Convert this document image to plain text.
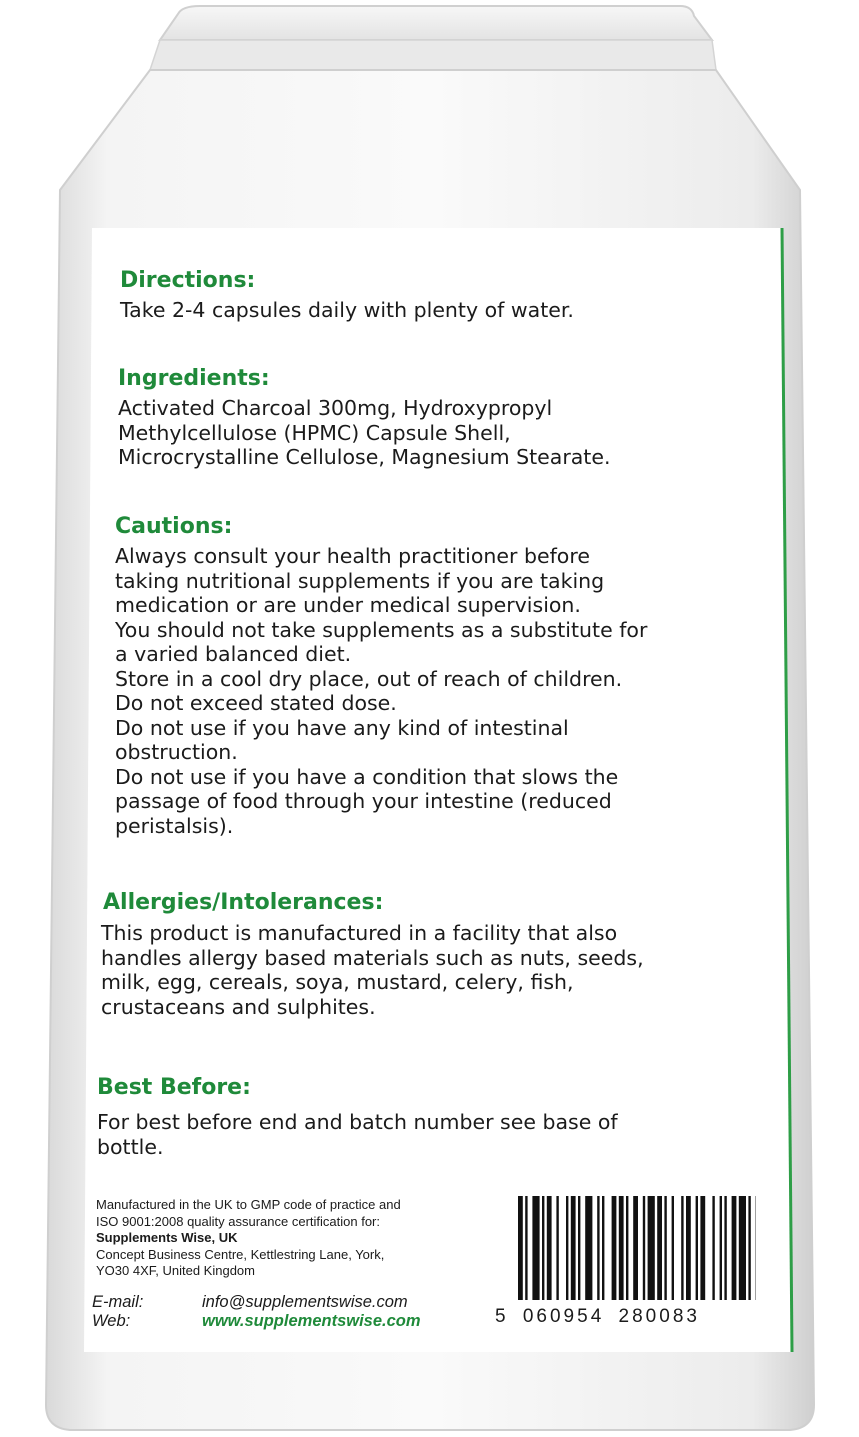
Directions:
Take 2-4 capsules daily with plenty of water.
Ingredients:
Activated Charcoal 300mg, Hydroxypropyl
Methylcellulose (HPMC) Capsule Shell,
Microcrystalline Cellulose, Magnesium Stearate.
Cautions:
Always consult your health practitioner before
taking nutritional supplements if you are taking
medication or are under medical supervision.
You should not take supplements as a substitute for
a varied balanced diet.
Store in a cool dry place, out of reach of children.
Do not exceed stated dose.
Do not use if you have any kind of intestinal
obstruction.
Do not use if you have a condition that slows the
passage of food through your intestine (reduced
peristalsis).
Allergies/Intolerances:
This product is manufactured in a facility that also
handles allergy based materials such as nuts, seeds,
milk, egg, cereals, soya, mustard, celery, fish,
crustaceans and sulphites.
Best Before:
For best before end and batch number see base of
bottle.
Manufactured in the UK to GMP code of practice and
ISO 9001:2008 quality assurance certification for:
Supplements Wise, UK
Concept Business Centre, Kettlestring Lane, York,
YO30 4XF, United Kingdom
E-mail:	info@supplementswise.com
Web:	www.supplementswise.com	5 060954 280083
